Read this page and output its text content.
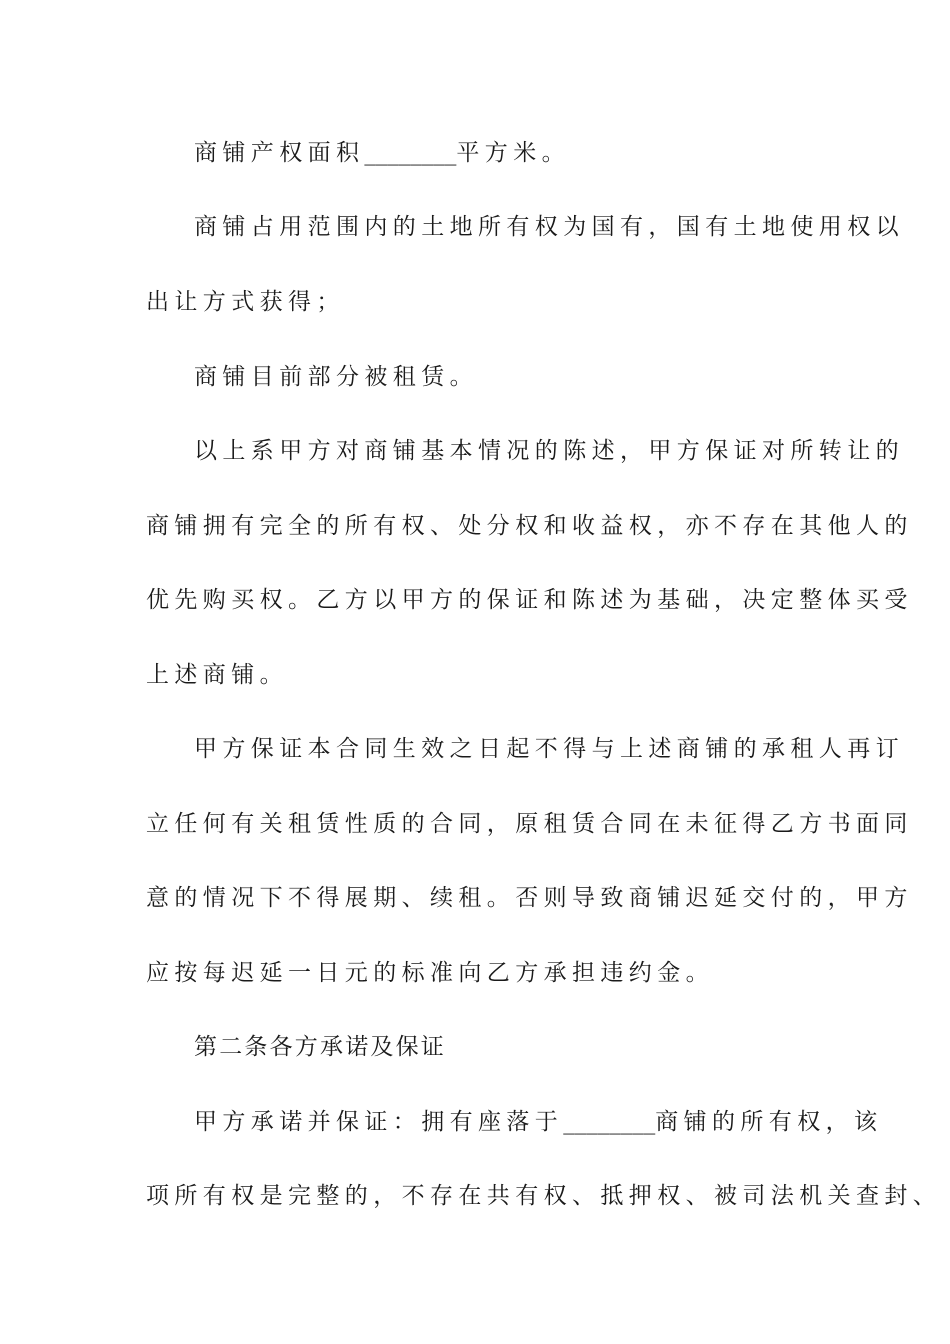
商铺产权面积________平方米。
商铺占用范围内的土地所有权为国有，国有土地使用权以
出让方式获得；
商铺目前部分被租赁。
以上系甲方对商铺基本情况的陈述，甲方保证对所转让的
商铺拥有完全的所有权、处分权和收益权，亦不存在其他人的
优先购买权。乙方以甲方的保证和陈述为基础，决定整体买受
上述商铺。
甲方保证本合同生效之日起不得与上述商铺的承租人再订
立任何有关租赁性质的合同，原租赁合同在未征得乙方书面同
意的情况下不得展期、续租。否则导致商铺迟延交付的，甲方
应按每迟延一日元的标准向乙方承担违约金。
第二条各方承诺及保证
甲方承诺并保证：拥有座落于________商铺的所有权，该
项所有权是完整的，不存在共有权、抵押权、被司法机关查封、
